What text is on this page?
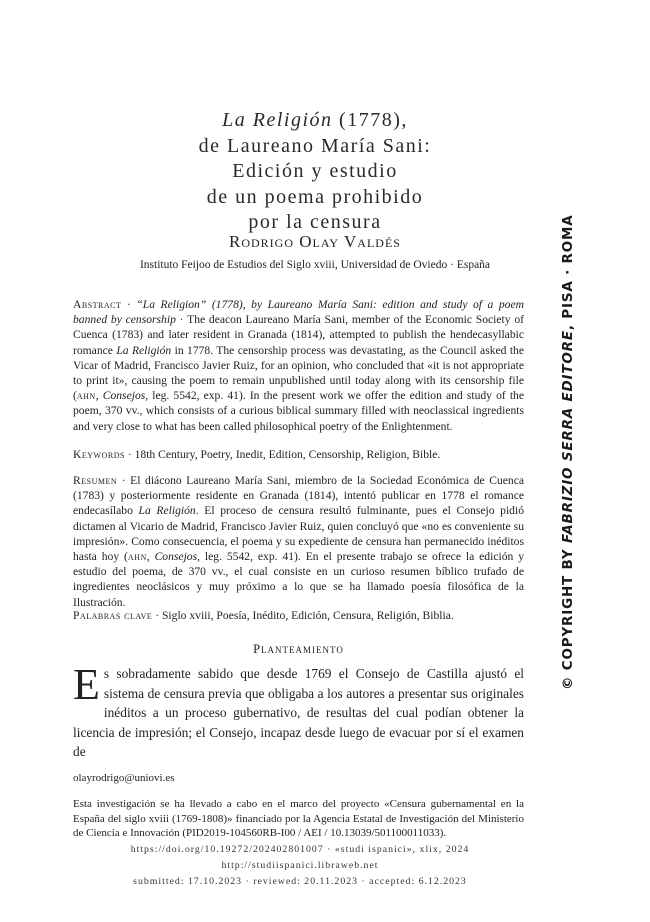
La Religión (1778),
de Laureano María Sani:
Edición y estudio
de un poema prohibido
por la censura
Rodrigo Olay Valdés
Instituto Feijoo de Estudios del Siglo xviii, Universidad de Oviedo · España
Abstract · “La Religion” (1778), by Laureano María Sani: edition and study of a poem banned by censorship · The deacon Laureano María Sani, member of the Economic Society of Cuenca (1783) and later resident in Granada (1814), attempted to publish the hendecasyllabic romance La Religión in 1778. The censorship process was devastating, as the Council asked the Vicar of Madrid, Francisco Javier Ruiz, for an opinion, who concluded that «it is not appropriate to print it», causing the poem to remain unpublished until today along with its censorship file (ahn, Consejos, leg. 5542, exp. 41). In the present work we offer the edition and study of the poem, 370 vv., which consists of a curious biblical summary filled with neoclassical ingredients and very close to what has been called philosophical poetry of the Enlightenment.
Keywords · 18th Century, Poetry, Inedit, Edition, Censorship, Religion, Bible.
Resumen · El diácono Laureano María Sani, miembro de la Sociedad Económica de Cuenca (1783) y posteriormente residente en Granada (1814), intentó publicar en 1778 el romance endecasílabo La Religión. El proceso de censura resultó fulminante, pues el Consejo pidió dictamen al Vicario de Madrid, Francisco Javier Ruiz, quien concluyó que «no es conveniente su impresión». Como consecuencia, el poema y su expediente de censura han permanecido inéditos hasta hoy (ahn, Consejos, leg. 5542, exp. 41). En el presente trabajo se ofrece la edición y estudio del poema, de 370 vv., el cual consiste en un curioso resumen bíblico trufado de ingredientes neoclásicos y muy próximo a lo que se ha llamado poesía filosófica de la Ilustración.
Palabras clave · Siglo xviii, Poesía, Inédito, Edición, Censura, Religión, Biblia.
Planteamiento
Es sobradamente sabido que desde 1769 el Consejo de Castilla ajustó el sistema de censura previa que obligaba a los autores a presentar sus originales inéditos a un proceso gubernativo, de resultas del cual podían obtener la licencia de impresión; el Consejo, incapaz desde luego de evacuar por sí el examen de
olayrodrigo@uniovi.es
Esta investigación se ha llevado a cabo en el marco del proyecto «Censura gubernamental en la España del siglo xviii (1769-1808)» financiado por la Agencia Estatal de Investigación del Ministerio de Ciencia e Innovación (PID2019-104560RB-I00 / AEI / 10.13039/501100011033).
https://doi.org/10.19272/202402801007 · «studi ispanici», xlix, 2024
http://studiispanici.libraweb.net
submitted: 17.10.2023 · reviewed: 20.11.2023 · accepted: 6.12.2023
© COPYRIGHT BY FABRIZIO SERRA EDITORE, PISA · ROMA
